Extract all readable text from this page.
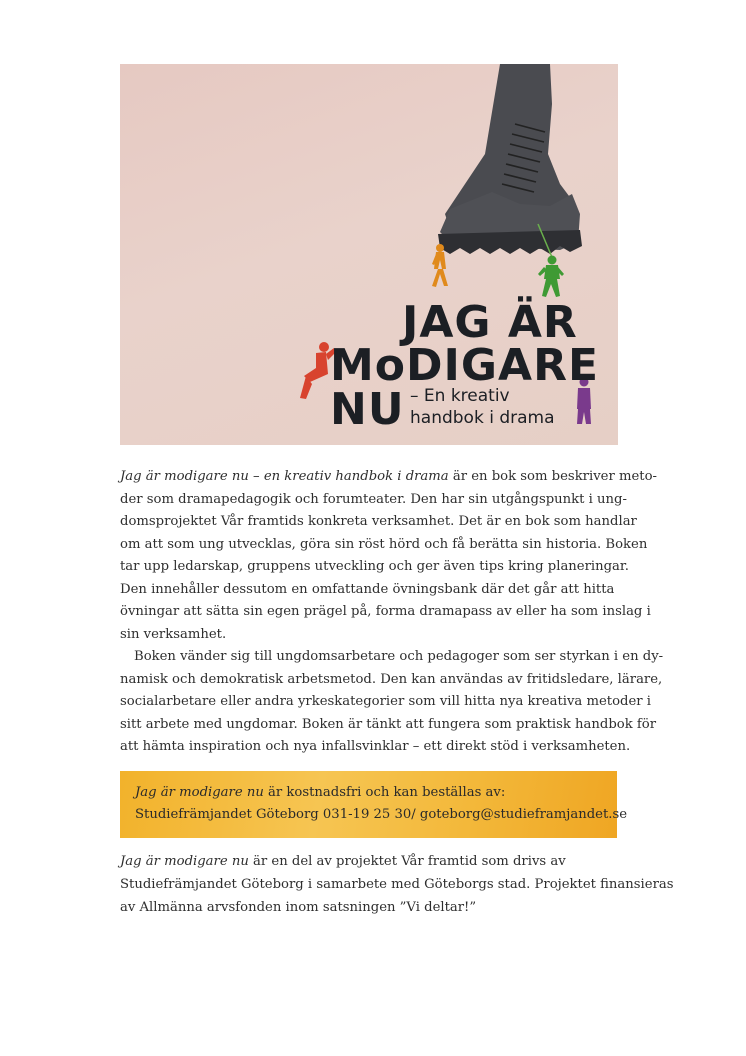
JAG ÄR
MoDIGARE
NU – En kreativ
handbok i drama
Jag är modigare nu – en kreativ handbok i drama är en bok som beskriver meto-
der som dramapedagogik och forumteater. Den har sin utgångspunkt i ung-
domsprojektet Vår framtids konkreta verksamhet. Det är en bok som handlar
om att som ung utvecklas, göra sin röst hörd och få berätta sin historia. Boken
tar upp ledarskap, gruppens utveckling och ger även tips kring planeringar.
Den innehåller dessutom en omfattande övningsbank där det går att hitta
övningar att sätta sin egen prägel på, forma dramapass av eller ha som inslag i
sin verksamhet.
Boken vänder sig till ungdomsarbetare och pedagoger som ser styrkan i en dy-
namisk och demokratisk arbetsmetod. Den kan användas av fritidsledare, lärare,
socialarbetare eller andra yrkeskategorier som vill hitta nya kreativa metoder i
sitt arbete med ungdomar. Boken är tänkt att fungera som praktisk handbok för
att hämta inspiration och nya infallsvinklar – ett direkt stöd i verksamheten.
Jag är modigare nu är kostnadsfri och kan beställas av:
Studiefrämjandet Göteborg 031-19 25 30/ goteborg@studieframjandet.se
Jag är modigare nu är en del av projektet Vår framtid som drivs av
Studiefrämjandet Göteborg i samarbete med Göteborgs stad. Projektet finansieras
av Allmänna arvsfonden inom satsningen ”Vi deltar!”
